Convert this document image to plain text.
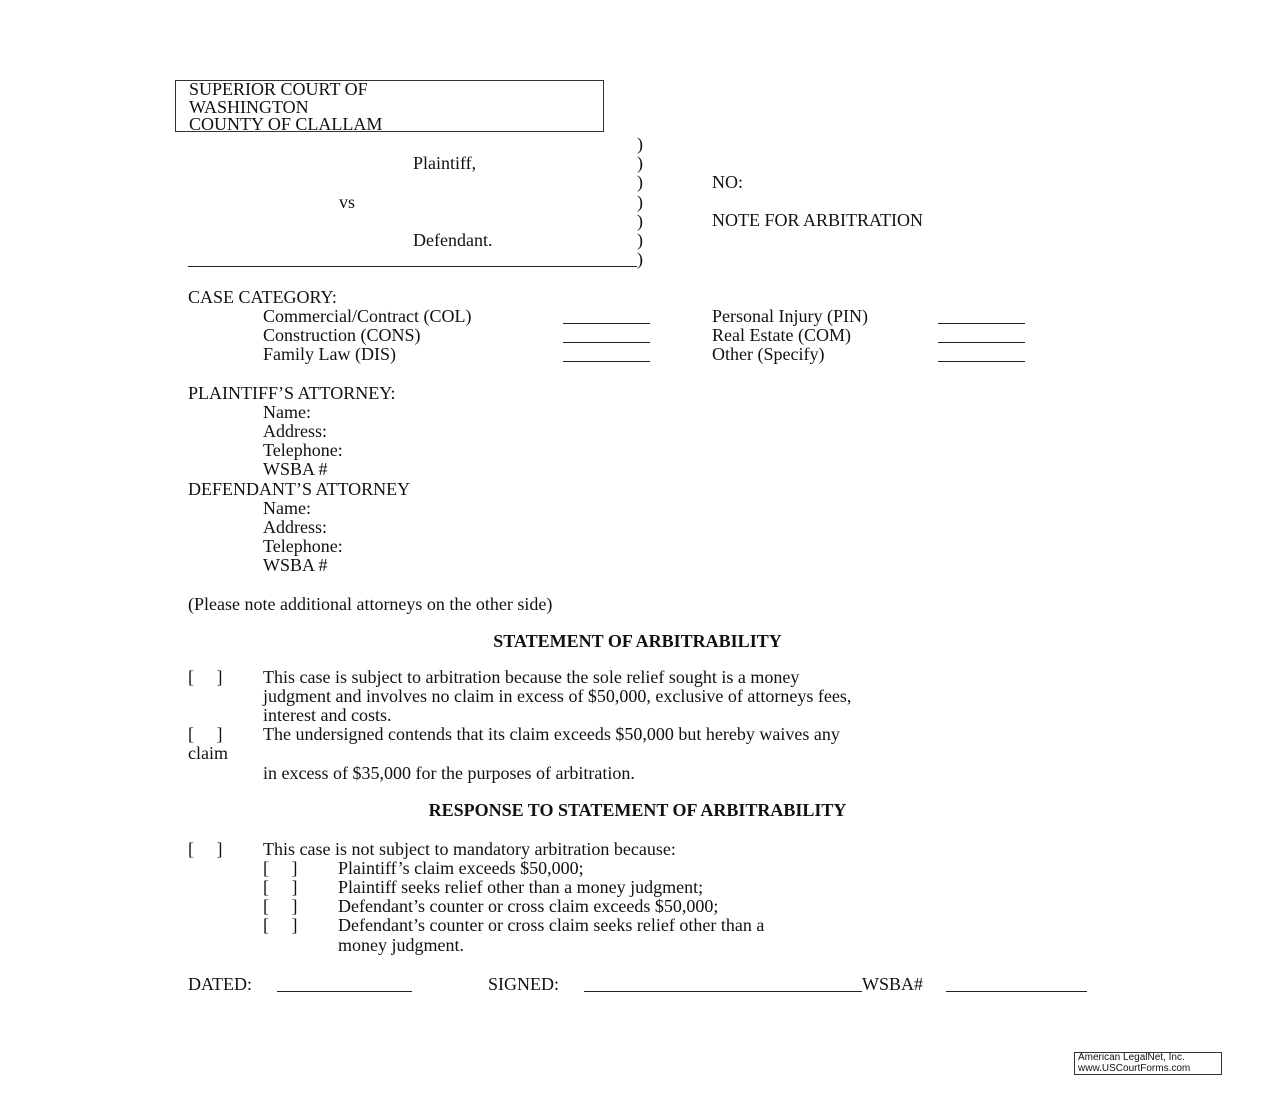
SUPERIOR COURT OF
WASHINGTON
COUNTY OF CLALLAM
Plaintiff,
vs
Defendant.
)
)
)
)
)
)
)
NO:
NOTE FOR ARBITRATION
CASE CATEGORY:
Commercial/Contract (COL)
Construction (CONS)
Family Law (DIS)
Personal Injury (PIN)
Real Estate (COM)
Other (Specify)
PLAINTIFF’S ATTORNEY:
Name:
Address:
Telephone:
WSBA #
DEFENDANT’S ATTORNEY
Name:
Address:
Telephone:
WSBA #
(Please note additional attorneys on the other side)
STATEMENT OF ARBITRABILITY
[     ] This case is subject to arbitration because the sole relief sought is a money
judgment and involves no claim in excess of $50,000, exclusive of attorneys fees,
interest and costs.
[     ] The undersigned contends that its claim exceeds $50,000 but hereby waives any
claim
in excess of $35,000 for the purposes of arbitration.
RESPONSE TO STATEMENT OF ARBITRABILITY
[     ] This case is not subject to mandatory arbitration because:
[     ] Plaintiff’s claim exceeds $50,000;
[     ] Plaintiff seeks relief other than a money judgment;
[     ] Defendant’s counter or cross claim exceeds $50,000;
[     ] Defendant’s counter or cross claim seeks relief other than a
money judgment.
DATED:	SIGNED:	WSBA#
American LegalNet, Inc.
www.USCourtForms.com
